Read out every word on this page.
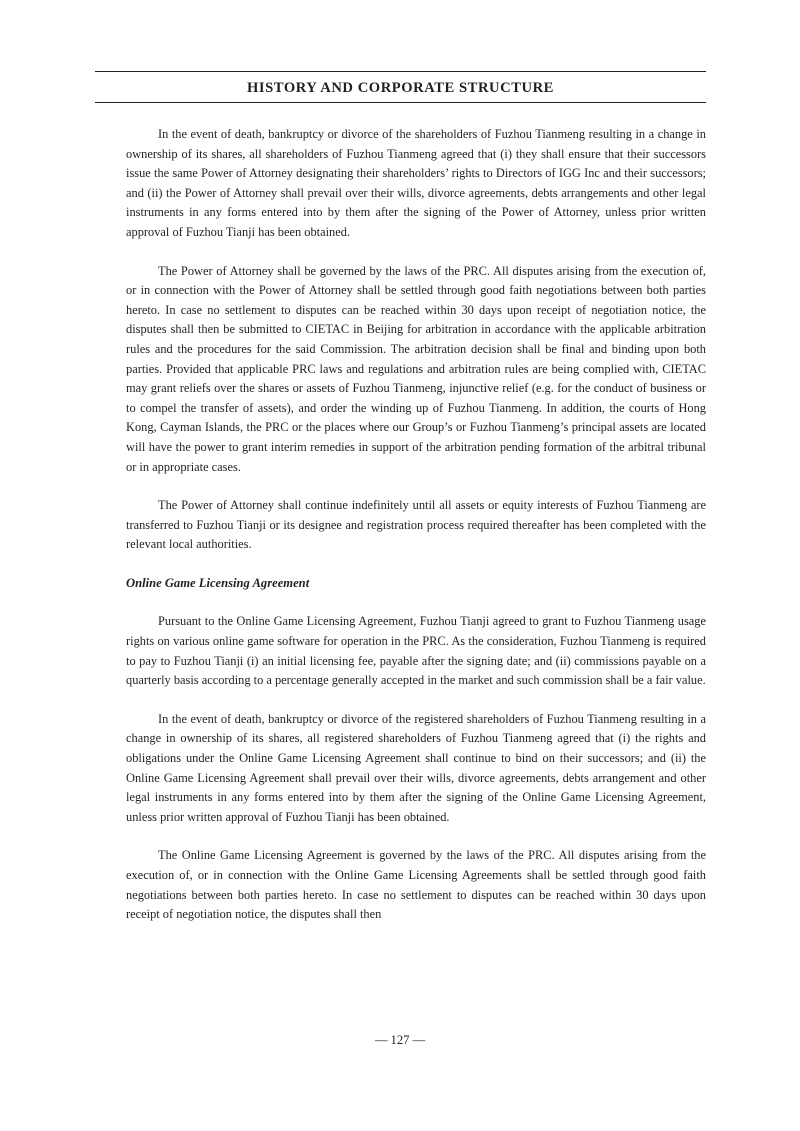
HISTORY AND CORPORATE STRUCTURE

In the event of death, bankruptcy or divorce of the shareholders of Fuzhou Tianmeng resulting in a change in ownership of its shares, all shareholders of Fuzhou Tianmeng agreed that (i) they shall ensure that their successors issue the same Power of Attorney designating their shareholders’ rights to Directors of IGG Inc and their successors; and (ii) the Power of Attorney shall prevail over their wills, divorce agreements, debts arrangements and other legal instruments in any forms entered into by them after the signing of the Power of Attorney, unless prior written approval of Fuzhou Tianji has been obtained.

The Power of Attorney shall be governed by the laws of the PRC. All disputes arising from the execution of, or in connection with the Power of Attorney shall be settled through good faith negotiations between both parties hereto. In case no settlement to disputes can be reached within 30 days upon receipt of negotiation notice, the disputes shall then be submitted to CIETAC in Beijing for arbitration in accordance with the applicable arbitration rules and the procedures for the said Commission. The arbitration decision shall be final and binding upon both parties. Provided that applicable PRC laws and regulations and arbitration rules are being complied with, CIETAC may grant reliefs over the shares or assets of Fuzhou Tianmeng, injunctive relief (e.g. for the conduct of business or to compel the transfer of assets), and order the winding up of Fuzhou Tianmeng. In addition, the courts of Hong Kong, Cayman Islands, the PRC or the places where our Group’s or Fuzhou Tianmeng’s principal assets are located will have the power to grant interim remedies in support of the arbitration pending formation of the arbitral tribunal or in appropriate cases.

The Power of Attorney shall continue indefinitely until all assets or equity interests of Fuzhou Tianmeng are transferred to Fuzhou Tianji or its designee and registration process required thereafter has been completed with the relevant local authorities.

Online Game Licensing Agreement

Pursuant to the Online Game Licensing Agreement, Fuzhou Tianji agreed to grant to Fuzhou Tianmeng usage rights on various online game software for operation in the PRC. As the consideration, Fuzhou Tianmeng is required to pay to Fuzhou Tianji (i) an initial licensing fee, payable after the signing date; and (ii) commissions payable on a quarterly basis according to a percentage generally accepted in the market and such commission shall be a fair value.

In the event of death, bankruptcy or divorce of the registered shareholders of Fuzhou Tianmeng resulting in a change in ownership of its shares, all registered shareholders of Fuzhou Tianmeng agreed that (i) the rights and obligations under the Online Game Licensing Agreement shall continue to bind on their successors; and (ii) the Online Game Licensing Agreement shall prevail over their wills, divorce agreements, debts arrangement and other legal instruments in any forms entered into by them after the signing of the Online Game Licensing Agreement, unless prior written approval of Fuzhou Tianji has been obtained.

The Online Game Licensing Agreement is governed by the laws of the PRC. All disputes arising from the execution of, or in connection with the Online Game Licensing Agreements shall be settled through good faith negotiations between both parties hereto. In case no settlement to disputes can be reached within 30 days upon receipt of negotiation notice, the disputes shall then

— 127 —
